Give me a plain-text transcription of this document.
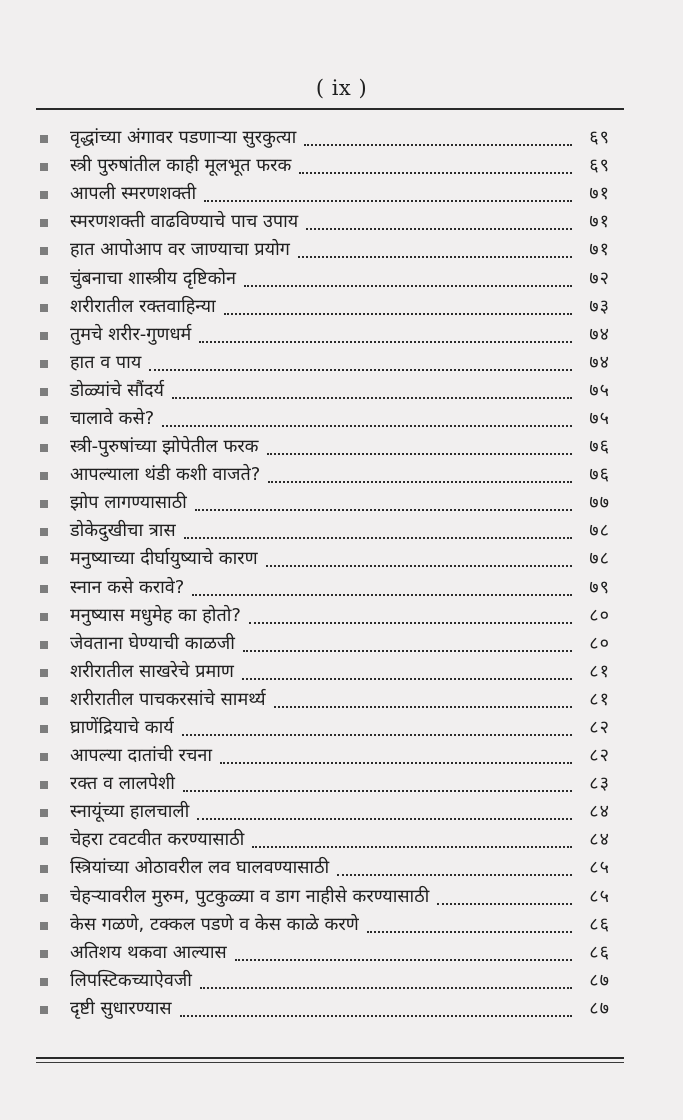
( ix )
वृद्धांच्या अंगावर पडणाऱ्या सुरकुत्या	६९
स्त्री पुरुषांतील काही मूलभूत फरक	६९
आपली स्मरणशक्ती	७१
स्मरणशक्ती वाढविण्याचे पाच उपाय	७१
हात आपोआप वर जाण्याचा प्रयोग	७१
चुंबनाचा शास्त्रीय दृष्टिकोन	७२
शरीरातील रक्तवाहिन्या	७३
तुमचे शरीर-गुणधर्म	७४
हात व पाय	७४
डोळ्यांचे सौंदर्य	७५
चालावे कसे?	७५
स्त्री-पुरुषांच्या झोपेतील फरक	७६
आपल्याला थंडी कशी वाजते?	७६
झोप लागण्यासाठी	७७
डोकेदुखीचा त्रास	७८
मनुष्याच्या दीर्घायुष्याचे कारण	७८
स्नान कसे करावे?	७९
मनुष्यास मधुमेह का होतो?	८०
जेवताना घेण्याची काळजी	८०
शरीरातील साखरेचे प्रमाण	८१
शरीरातील पाचकरसांचे सामर्थ्य	८१
घ्राणेंद्रियाचे कार्य	८२
आपल्या दातांची रचना	८२
रक्त व लालपेशी	८३
स्नायूंच्या हालचाली	८४
चेहरा टवटवीत करण्यासाठी	८४
स्त्रियांच्या ओठावरील लव घालवण्यासाठी	८५
चेहऱ्यावरील मुरुम, पुटकुळ्या व डाग नाहीसे करण्यासाठी	८५
केस गळणे, टक्कल पडणे व केस काळे करणे	८६
अतिशय थकवा आल्यास	८६
लिपस्टिकच्याऐवजी	८७
दृष्टी सुधारण्यास	८७
